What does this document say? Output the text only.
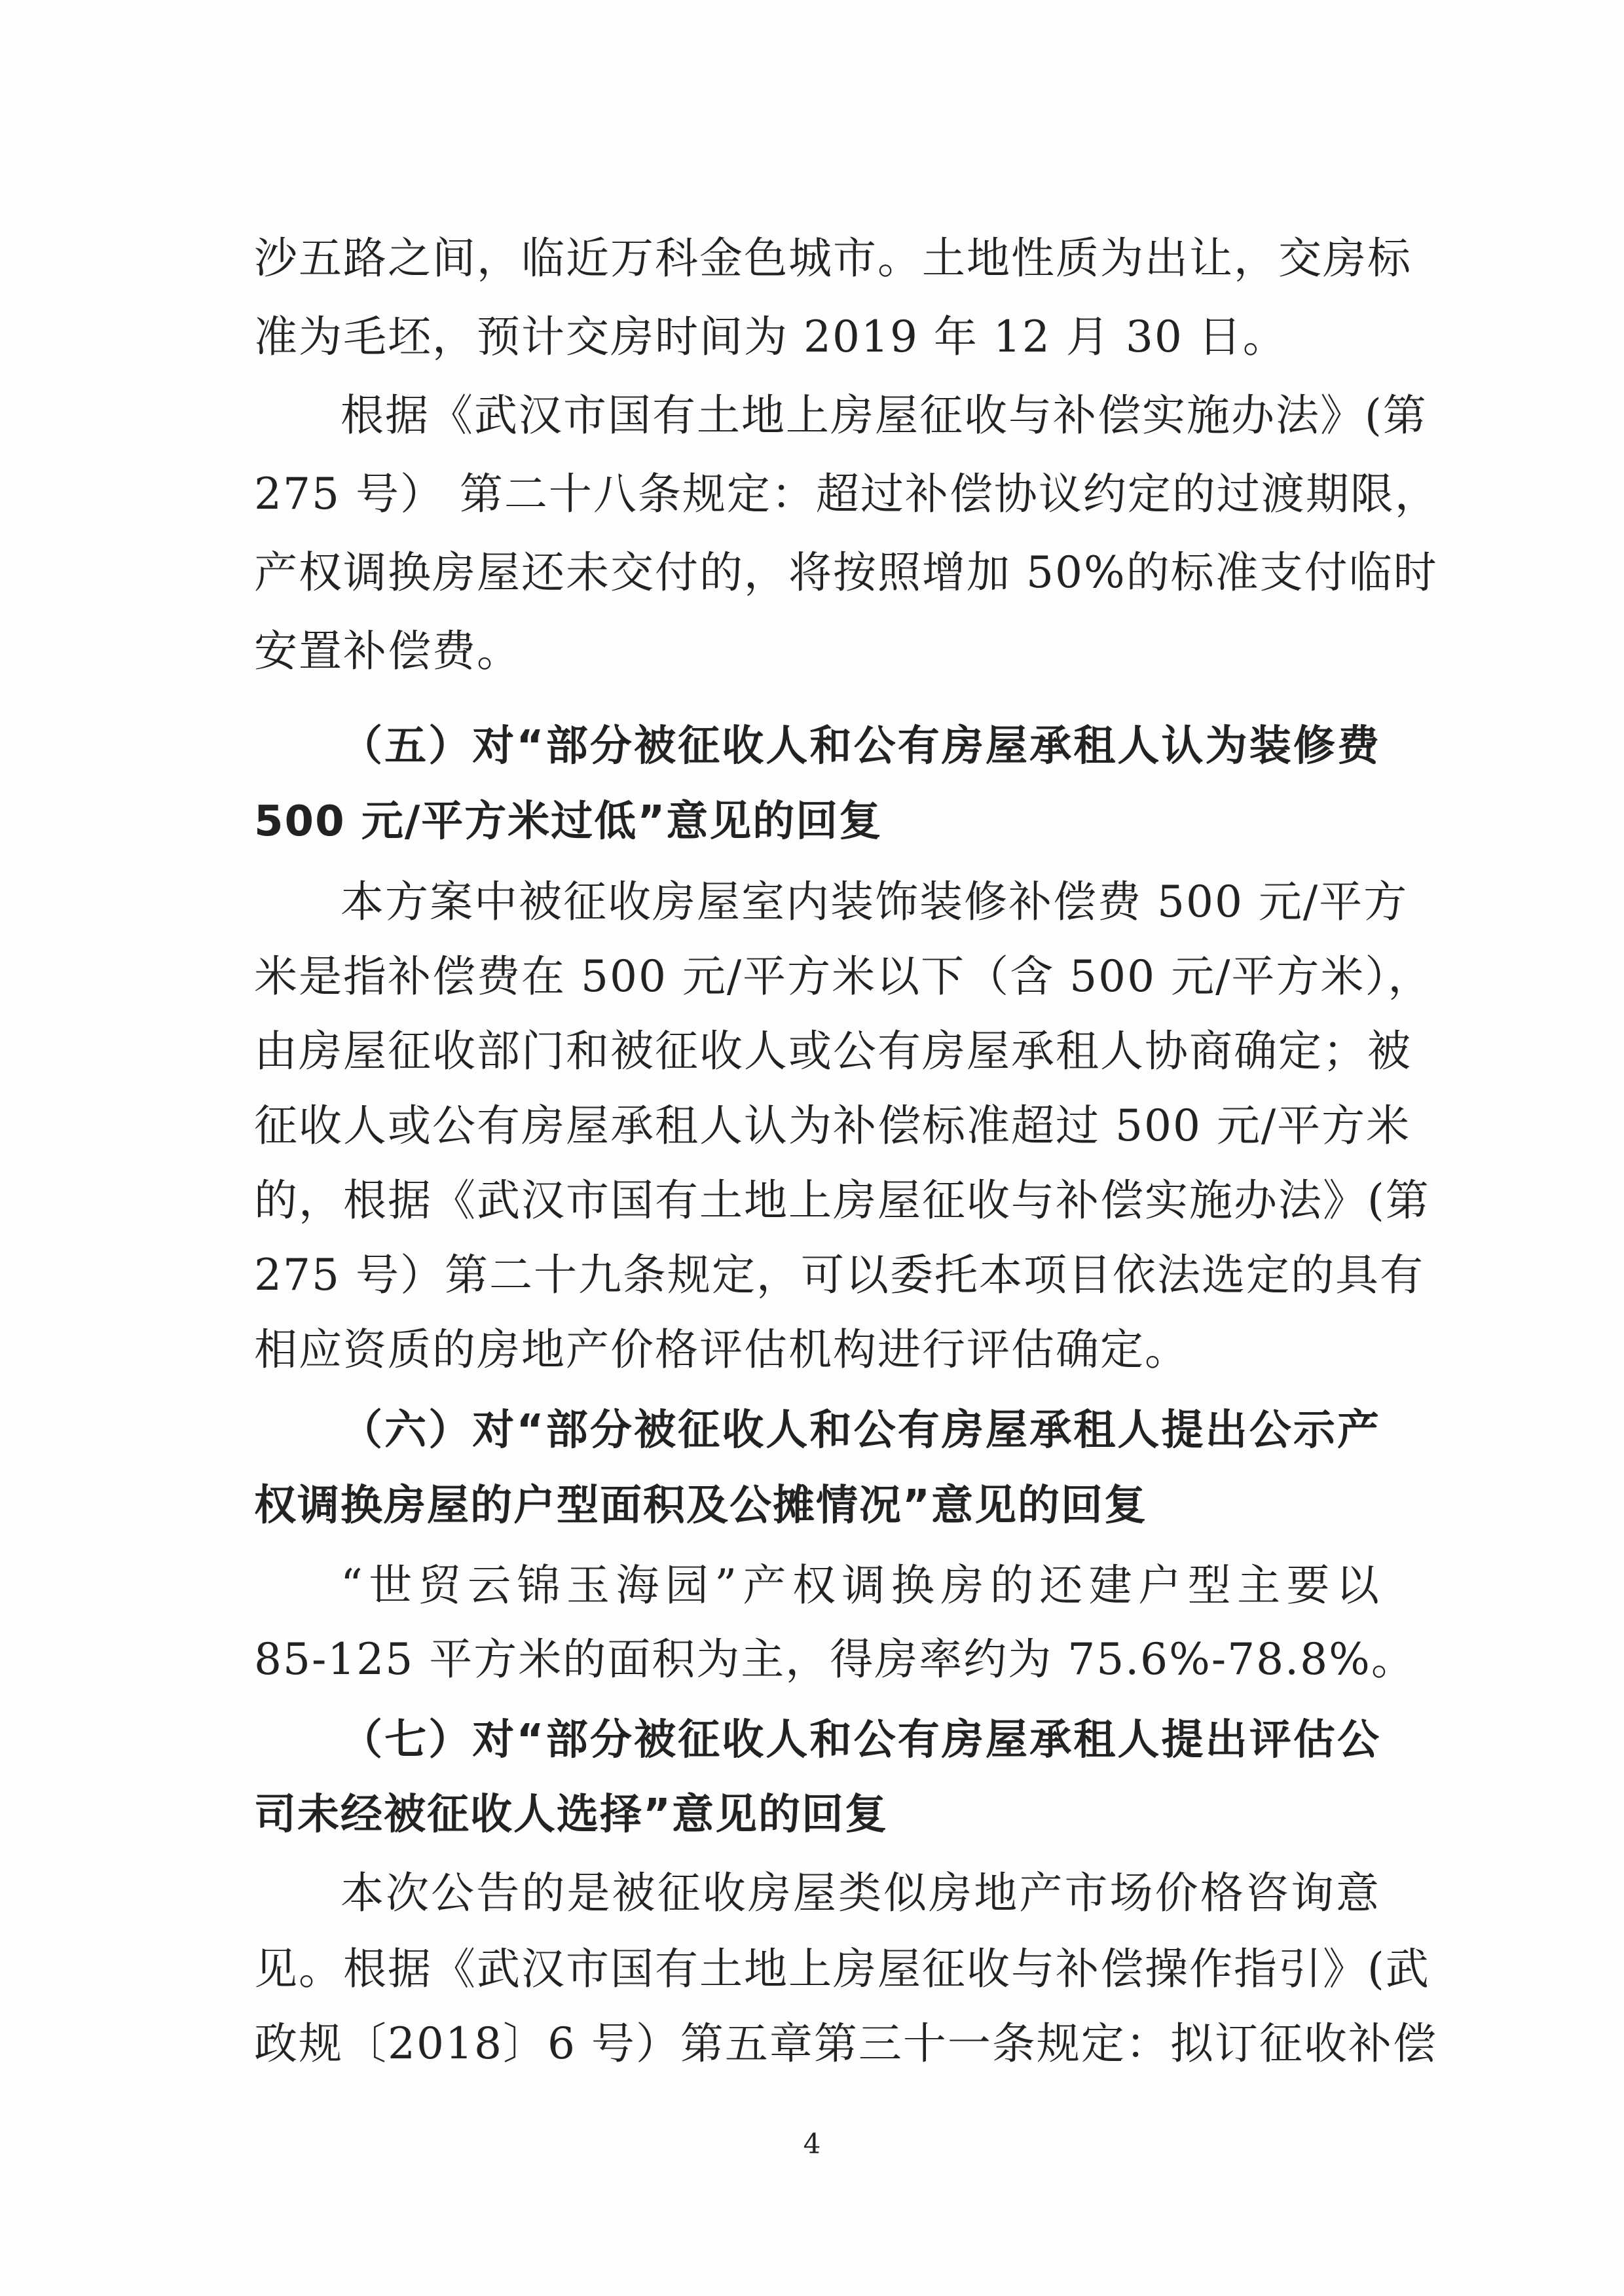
沙五路之间，临近万科金色城市。土地性质为出让，交房标
准为毛坯，预计交房时间为 2019 年 12 月 30 日。
根据《武汉市国有土地上房屋征收与补偿实施办法》(第
275 号） 第二十八条规定：超过补偿协议约定的过渡期限，
产权调换房屋还未交付的，将按照增加 50%的标准支付临时
安置补偿费。
（五）对“部分被征收人和公有房屋承租人认为装修费
500 元/平方米过低”意见的回复
本方案中被征收房屋室内装饰装修补偿费 500 元/平方
米是指补偿费在 500 元/平方米以下（含 500 元/平方米），
由房屋征收部门和被征收人或公有房屋承租人协商确定；被
征收人或公有房屋承租人认为补偿标准超过 500 元/平方米
的，根据《武汉市国有土地上房屋征收与补偿实施办法》(第
275 号）第二十九条规定，可以委托本项目依法选定的具有
相应资质的房地产价格评估机构进行评估确定。
（六）对“部分被征收人和公有房屋承租人提出公示产
权调换房屋的户型面积及公摊情况”意见的回复
“世贸云锦玉海园”产权调换房的还建户型主要以
85-125 平方米的面积为主，得房率约为 75.6%-78.8%。
（七）对“部分被征收人和公有房屋承租人提出评估公
司未经被征收人选择”意见的回复
本次公告的是被征收房屋类似房地产市场价格咨询意
见。根据《武汉市国有土地上房屋征收与补偿操作指引》(武
政规〔2018〕6 号）第五章第三十一条规定：拟订征收补偿
4
